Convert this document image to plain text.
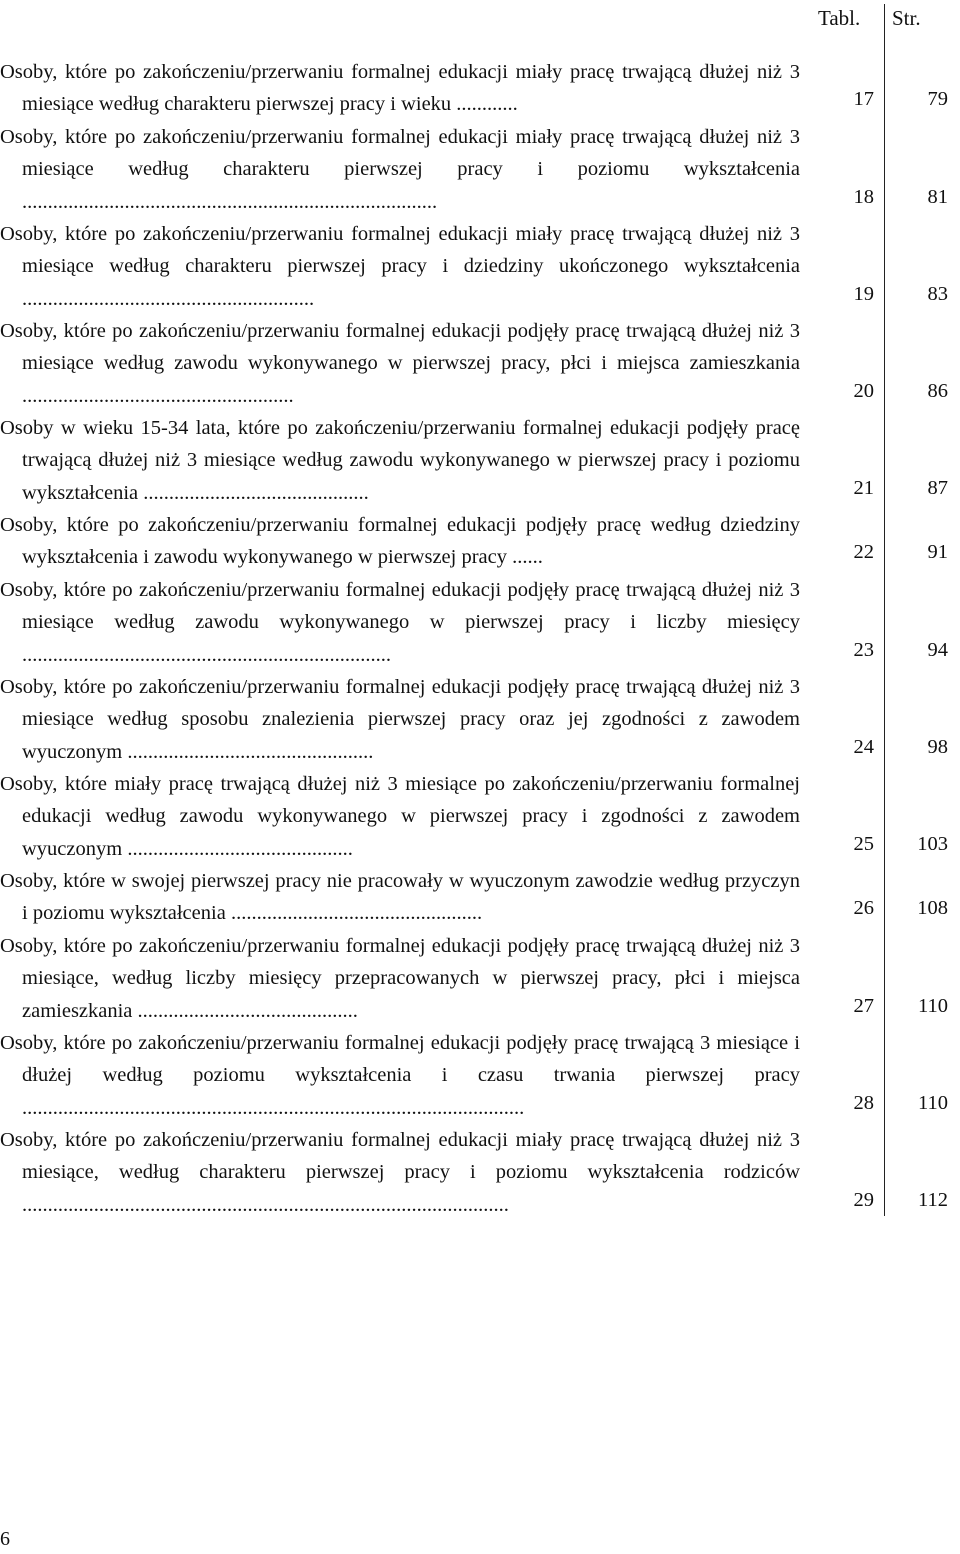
Tabl. Str.
Osoby, które po zakończeniu/przerwaniu formalnej edukacji miały pracę trwającą dłużej niż 3 miesiące według charakteru pierwszej pracy i wieku ............	17	79
Osoby, które po zakończeniu/przerwaniu formalnej edukacji miały pracę trwającą dłużej niż 3 miesiące według charakteru pierwszej pracy i poziomu wykształcenia .................................................................................	18	81
Osoby, które po zakończeniu/przerwaniu formalnej edukacji miały pracę trwającą dłużej niż 3 miesiące według charakteru pierwszej pracy i dziedziny ukończonego wykształcenia .........................................................	19	83
Osoby, które po zakończeniu/przerwaniu formalnej edukacji podjęły pracę trwającą dłużej niż 3 miesiące według zawodu wykonywanego w pierwszej pracy, płci i miejsca zamieszkania .....................................................	20	86
Osoby w wieku 15-34 lata, które po zakończeniu/przerwaniu formalnej edukacji podjęły pracę trwającą dłużej niż 3 miesiące według zawodu wykonywanego w pierwszej pracy i poziomu wykształcenia ............................................	21	87
Osoby, które po zakończeniu/przerwaniu formalnej edukacji podjęły pracę według dziedziny wykształcenia i zawodu wykonywanego w pierwszej pracy ......	22	91
Osoby, które po zakończeniu/przerwaniu formalnej edukacji podjęły pracę trwającą dłużej niż 3 miesiące według zawodu wykonywanego w pierwszej pracy i liczby miesięcy ........................................................................	23	94
Osoby, które po zakończeniu/przerwaniu formalnej edukacji podjęły pracę trwającą dłużej niż 3 miesiące według sposobu znalezienia pierwszej pracy oraz jej zgodności z zawodem wyuczonym ................................................	24	98
Osoby, które miały pracę trwającą dłużej niż 3 miesiące po zakończeniu/przerwaniu formalnej edukacji według zawodu wykonywanego w pierwszej pracy i zgodności z zawodem wyuczonym ............................................	25	103
Osoby, które w swojej pierwszej pracy nie pracowały w wyuczonym zawodzie według przyczyn i poziomu wykształcenia .................................................	26	108
Osoby, które po zakończeniu/przerwaniu formalnej edukacji podjęły pracę trwającą dłużej niż 3 miesiące, według liczby miesięcy przepracowanych w pierwszej pracy, płci i miejsca zamieszkania ...........................................	27	110
Osoby, które po zakończeniu/przerwaniu formalnej edukacji podjęły pracę trwającą 3 miesiące i dłużej według poziomu wykształcenia i czasu trwania pierwszej pracy ..................................................................................................	28	110
Osoby, które po zakończeniu/przerwaniu formalnej edukacji miały pracę trwającą dłużej niż 3 miesiące, według charakteru pierwszej pracy i poziomu wykształcenia rodziców ...............................................................................................	29	112
6
